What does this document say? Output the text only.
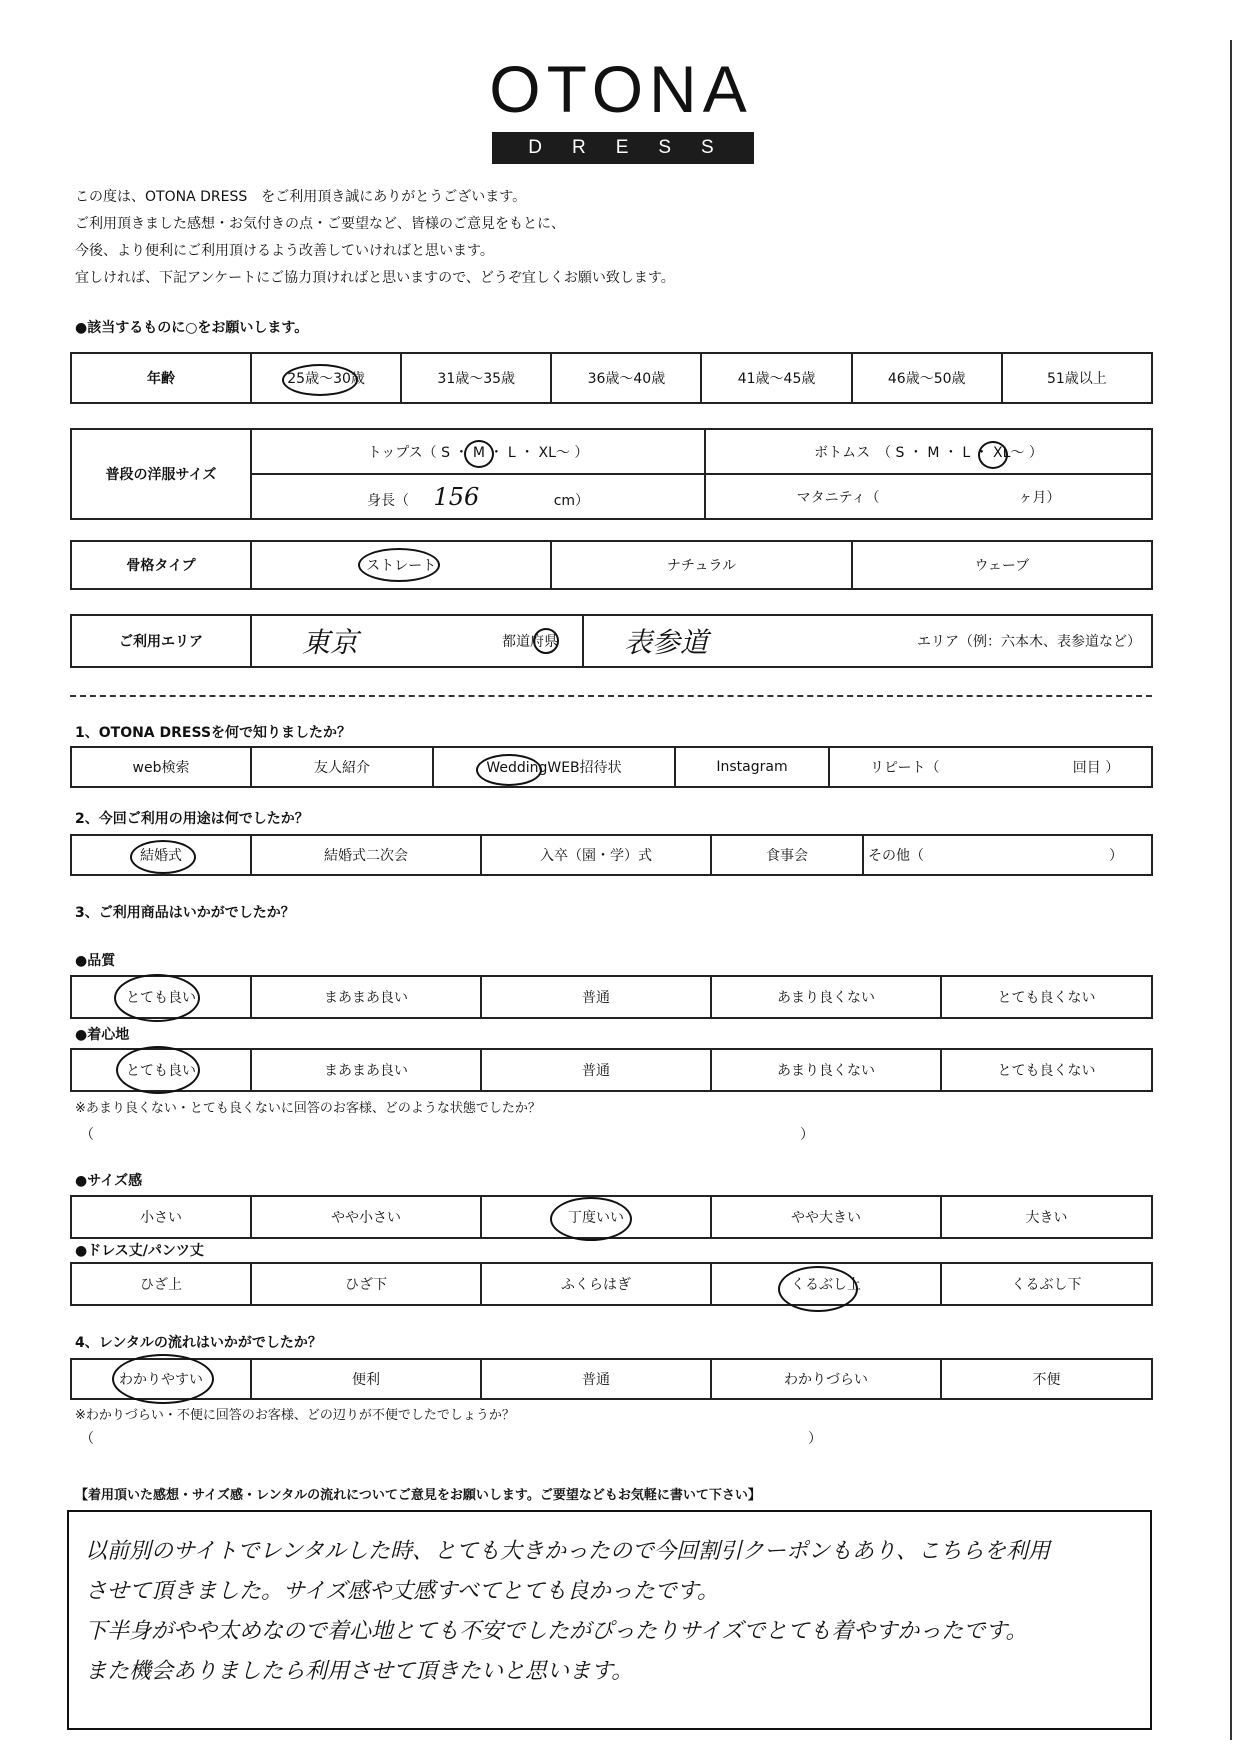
OTONA
DRESS
この度は、OTONA DRESS　をご利用頂き誠にありがとうございます。
ご利用頂きました感想・お気付きの点・ご要望など、皆様のご意見をもとに、
今後、より便利にご利用頂けるよう改善していければと思います。
宜しければ、下記アンケートにご協力頂ければと思いますので、どうぞ宜しくお願い致します。
●該当するものに○をお願いします。
年齢	25歳〜30歳	31歳〜35歳	36歳〜40歳	41歳〜45歳	46歳〜50歳	51歳以上
普段の洋服サイズ	トップス（ S ・ M ・ L ・ XL〜 ）	ボトムス　（ S ・ M ・ L ・ XL〜 ）
	身長（ 156 cm）	マタニティ（ ヶ月）
骨格タイプ	ストレート	ナチュラル	ウェーブ
ご利用エリア	東京	都道府県	表参道	エリア（例：六本木、表参道など）
1、OTONA DRESSを何で知りましたか？
web検索	友人紹介	WeddingWEB招待状	Instagram	リピート（	回目 ）
2、今回ご利用の用途は何でしたか？
結婚式	結婚式二次会	入卒（園・学）式	食事会	その他（	）
3、ご利用商品はいかがでしたか？
●品質
とても良い	まあまあ良い	普通	あまり良くない	とても良くない
●着心地
とても良い	まあまあ良い	普通	あまり良くない	とても良くない
※あまり良くない・とても良くないに回答のお客様、どのような状態でしたか？
（	）
●サイズ感
小さい	やや小さい	丁度いい	やや大きい	大きい
●ドレス丈/パンツ丈
ひざ上	ひざ下	ふくらはぎ	くるぶし上	くるぶし下
4、レンタルの流れはいかがでしたか？
わかりやすい	便利	普通	わかりづらい	不便
※わかりづらい・不便に回答のお客様、どの辺りが不便でしたでしょうか？
（	）
【着用頂いた感想・サイズ感・レンタルの流れについてご意見をお願いします。ご要望などもお気軽に書いて下さい】
以前別のサイトでレンタルした時、とても大きかったので今回割引クーポンもあり、こちらを利用
させて頂きました。サイズ感や丈感すべてとても良かったです。
下半身がやや太めなので着心地とても不安でしたがぴったりサイズでとても着やすかったです。
また機会ありましたら利用させて頂きたいと思います。
